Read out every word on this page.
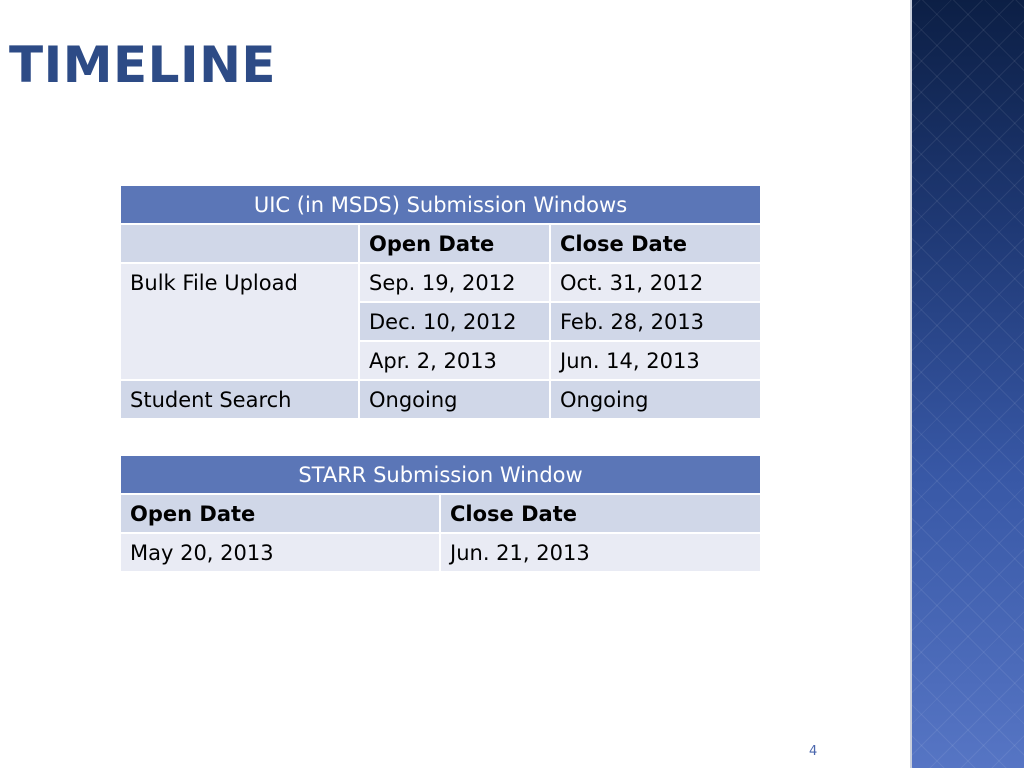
TIMELINE
UIC (in MSDS) Submission Windows		
	Open Date	Close Date
Bulk File Upload	Sep. 19, 2012	Oct. 31, 2012
	Dec. 10, 2012	Feb. 28, 2013
	Apr. 2, 2013	Jun. 14, 2013
Student Search	Ongoing	Ongoing
STARR Submission Window	
Open Date	Close Date
May 20, 2013	Jun. 21, 2013
4
